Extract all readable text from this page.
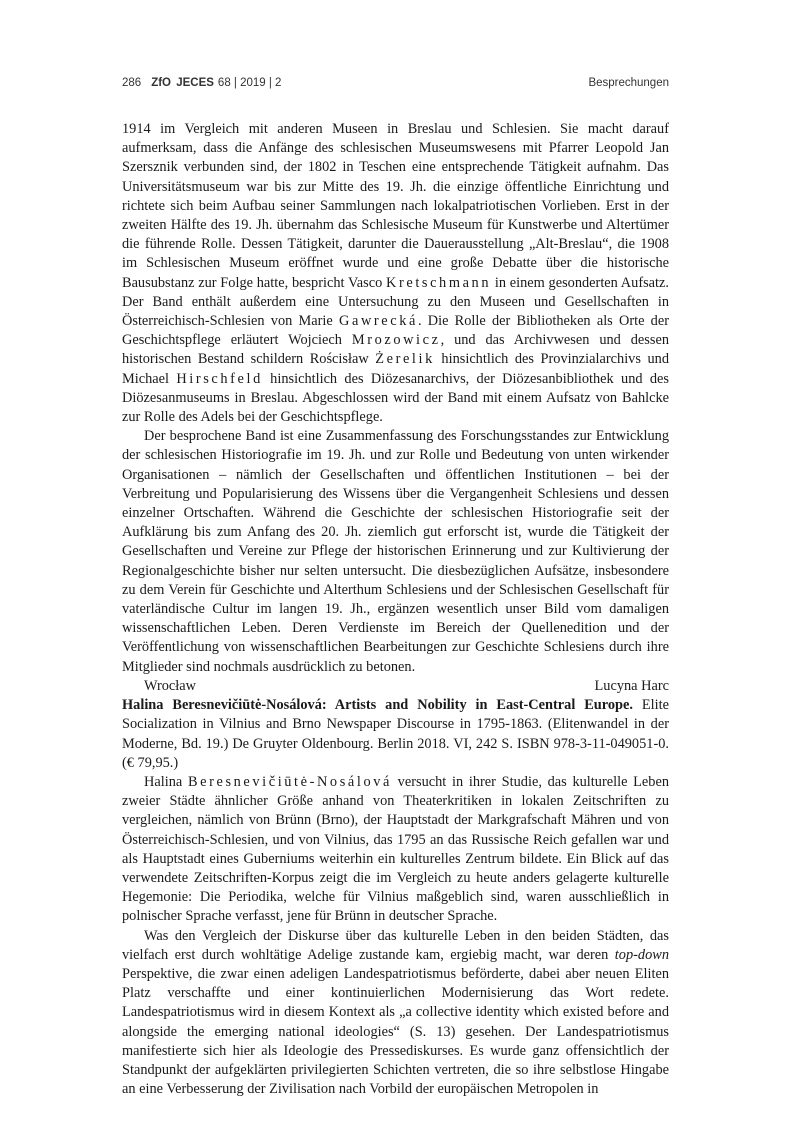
286 ZfO JECES 68 | 2019 | 2	Besprechungen

1914 im Vergleich mit anderen Museen in Breslau und Schlesien. Sie macht darauf aufmerksam, dass die Anfänge des schlesischen Museumswesens mit Pfarrer Leopold Jan Szersznik verbunden sind, der 1802 in Teschen eine entsprechende Tätigkeit aufnahm. Das Universitätsmuseum war bis zur Mitte des 19. Jh. die einzige öffentliche Einrichtung und richtete sich beim Aufbau seiner Sammlungen nach lokalpatriotischen Vorlieben. Erst in der zweiten Hälfte des 19. Jh. übernahm das Schlesische Museum für Kunstwerbe und Altertümer die führende Rolle. Dessen Tätigkeit, darunter die Dauerausstellung „Alt-Breslau“, die 1908 im Schlesischen Museum eröffnet wurde und eine große Debatte über die historische Bausubstanz zur Folge hatte, bespricht Vasco Kretschmann in einem gesonderten Aufsatz. Der Band enthält außerdem eine Untersuchung zu den Museen und Gesellschaften in Österreichisch-Schlesien von Marie Gawrecká. Die Rolle der Bibliotheken als Orte der Geschichtspflege erläutert Wojciech Mrozowicz, und das Archivwesen und dessen historischen Bestand schildern Rościsław Żerelik hinsichtlich des Provinzialarchivs und Michael Hirschfeld hinsichtlich des Diözesanarchivs, der Diözesanbibliothek und des Diözesanmuseums in Breslau. Abgeschlossen wird der Band mit einem Aufsatz von Bahlcke zur Rolle des Adels bei der Geschichtspflege.

Der besprochene Band ist eine Zusammenfassung des Forschungsstandes zur Entwicklung der schlesischen Historiografie im 19. Jh. und zur Rolle und Bedeutung von unten wirkender Organisationen – nämlich der Gesellschaften und öffentlichen Institutionen – bei der Verbreitung und Popularisierung des Wissens über die Vergangenheit Schlesiens und dessen einzelner Ortschaften. Während die Geschichte der schlesischen Historiografie seit der Aufklärung bis zum Anfang des 20. Jh. ziemlich gut erforscht ist, wurde die Tätigkeit der Gesellschaften und Vereine zur Pflege der historischen Erinnerung und zur Kultivierung der Regionalgeschichte bisher nur selten untersucht. Die diesbezüglichen Aufsätze, insbesondere zu dem Verein für Geschichte und Alterthum Schlesiens und der Schlesischen Gesellschaft für vaterländische Cultur im langen 19. Jh., ergänzen wesentlich unser Bild vom damaligen wissenschaftlichen Leben. Deren Verdienste im Bereich der Quellenedition und der Veröffentlichung von wissenschaftlichen Bearbeitungen zur Geschichte Schlesiens durch ihre Mitglieder sind nochmals ausdrücklich zu betonen.

Wrocław	Lucyna Harc

Halina Beresnevičiūtė-Nosálová: Artists and Nobility in East-Central Europe. Elite Socialization in Vilnius and Brno Newspaper Discourse in 1795-1863. (Elitenwandel in der Moderne, Bd. 19.) De Gruyter Oldenbourg. Berlin 2018. VI, 242 S. ISBN 978-3-11-049051-0. (€ 79,95.)

Halina Beresnevičiūtė-Nosálová versucht in ihrer Studie, das kulturelle Leben zweier Städte ähnlicher Größe anhand von Theaterkritiken in lokalen Zeitschriften zu vergleichen, nämlich von Brünn (Brno), der Hauptstadt der Markgrafschaft Mähren und von Österreichisch-Schlesien, und von Vilnius, das 1795 an das Russische Reich gefallen war und als Hauptstadt eines Guberniums weiterhin ein kulturelles Zentrum bildete. Ein Blick auf das verwendete Zeitschriften-Korpus zeigt die im Vergleich zu heute anders gelagerte kulturelle Hegemonie: Die Periodika, welche für Vilnius maßgeblich sind, waren ausschließlich in polnischer Sprache verfasst, jene für Brünn in deutscher Sprache.

Was den Vergleich der Diskurse über das kulturelle Leben in den beiden Städten, das vielfach erst durch wohltätige Adelige zustande kam, ergiebig macht, war deren top-down Perspektive, die zwar einen adeligen Landespatriotismus beförderte, dabei aber neuen Eliten Platz verschaffte und einer kontinuierlichen Modernisierung das Wort redete. Landespatriotismus wird in diesem Kontext als „a collective identity which existed before and alongside the emerging national ideologies“ (S. 13) gesehen. Der Landespatriotismus manifestierte sich hier als Ideologie des Pressediskurses. Es wurde ganz offensichtlich der Standpunkt der aufgeklärten privilegierten Schichten vertreten, die so ihre selbstlose Hingabe an eine Verbesserung der Zivilisation nach Vorbild der europäischen Metropolen in
